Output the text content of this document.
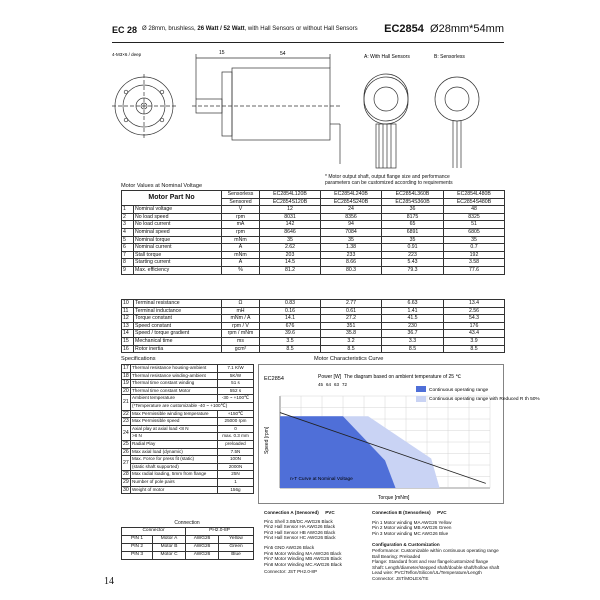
EC 28 Ø 28mm, brushless, 26 Watt / 52 Watt, with Hall Sensors or without Hall Sensors EC2854 Ø28mm*54mm
15	54
4-M3×6 / deep	A: With Hall Sensors	B: Sensorless
* Motor output shaft, output flange size and performance
parameters can be customized according to requirements
Motor Values at Nominal Voltage
Motor Part No		Sensorless	EC2854L120B	EC2854L240B	EC2854L360B	EC2854L480B
		Sensored	EC2854S120B	EC2854S240B	EC2854S360B	EC2854S480B
1	Nominal voltage	V	12	24	36	48
2	No load speed	rpm	8031	8356	8175	8325
3	No load current	mA	142	94	65	51
4	Nominal speed	rpm	8646	7084	6891	6805
5	Nominal torque	mNm	35	35	35	35
6	Nominal current	A	2.62	1.38	0.91	0.7
7	Stall torque	mNm	203	233	223	192
8	Starting current	A	14.5	8.66	5.43	3.58
9	Max. efficiency	%	81.2	80.3	79.3	77.6
10	Terminal resistance	Ω	0.83	2.77	6.63	13.4
11	Terminal inductance	mH	0.16	0.61	1.41	2.56
12	Torque constant	mNm / A	14.1	27.2	41.5	54.3
13	Speed constant	rpm / V	676	351	230	176
14	Speed / torque gradient	rpm / mNm	39.6	35.8	36.7	43.4
15	Mechanical time	ms	3.5	3.2	3.3	3.9
16	Rotor inertia	gcm²	8.5	8.5	8.5	8.5
Specifications	Motor Characteristics Curve
17	Thermal resistance housing-ambient	7.1 K/W
18	Thermal resistance winding-ambient	5K/W
19	Thermal time constant winding	51 s
20	Thermal time constant Motor	552 s
21	Ambient temperature	-30 ~ +100℃
	(*Temperature are customizable -40 ~ +100℃)	
22	Max Permissible winding temperature	+150℃
23	Max Permissible speed	25000 rpm
24	Axial play at axial load <8 N	0
	>8 N	max. 0.3 mm
25	Radial Play	preloaded
26	Max axial load (dynamic)	7.5N
27	Max. Force for press fit (static)	100N
	(static shaft supported)	2000N
28	Max radial loading, 5mm from flange	25N
29	Number of pole pairs	1
30	Weight of motor	156g
EC2854	Power [W] The diagram based on ambient temperature of 25 ℃
45 64 63 72
Torque [mNm]
Speed [rpm]
Continuous operating range
Continuous operating range with Reduced R th 50%
n-T Curve at Nominal Voltage
Connection
Connector		PH2.0-8P	
PIN 1	Motor A	AWG26	Yellow
PIN 2	Motor B	AWG26	Green
PIN 3	Motor C	AWG26	Blue
Connection A (Sensored) PVC
Pin1 Shell 3.0B/DC AWG26 Black
Pin2 Hall Sensor HA AWG26 Black
Pin3 Hall Sensor HB AWG26 Black
Pin4 Hall Sensor HC AWG26 Black
Pin5 GND AWG26 Black
Pin6 Motor Winding MA AWG26 Black
Pin7 Motor Winding MB AWG26 Black
Pin8 Motor Winding MC AWG26 Black
Connector: JST PH2.0-8P
Connection B (Sensorless) PVC
Pin 1 Motor winding MA AWG26 Yellow
Pin 2 Motor winding MB AWG26 Green
Pin 3 Motor winding MC AWG26 Blue
Configuration & Customization
Performance: Customizable within continuous operating range
Ball Bearing: Preloaded
Flange: Standard front and rear flange/customized flange
Shaft: Length/diameter/stepped shaft/double shaft/hollow shaft
Lead wire: PVC/Teflon/Silicon/UL/Temperature/Length
Connector: JST/MOLEX/TE
14
